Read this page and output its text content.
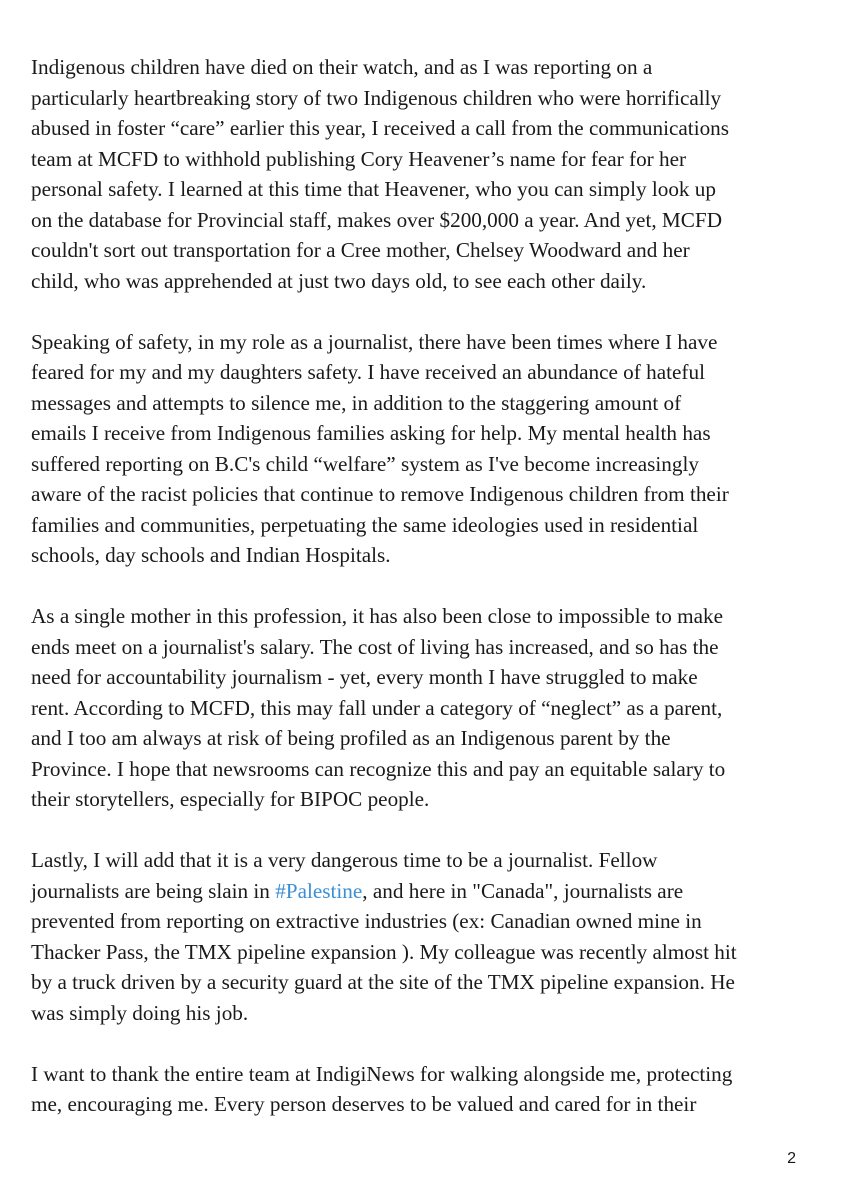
Indigenous children have died on their watch, and as I was reporting on a
particularly heartbreaking story of two Indigenous children who were horrifically
abused in foster “care” earlier this year, I received a call from the communications
team at MCFD to withhold publishing Cory Heavener’s name for fear for her
personal safety. I learned at this time that Heavener, who you can simply look up
on the database for Provincial staff, makes over $200,000 a year. And yet, MCFD
couldn't sort out transportation for a Cree mother, Chelsey Woodward and her
child, who was apprehended at just two days old, to see each other daily.

Speaking of safety, in my role as a journalist, there have been times where I have
feared for my and my daughters safety. I have received an abundance of hateful
messages and attempts to silence me, in addition to the staggering amount of
emails I receive from Indigenous families asking for help. My mental health has
suffered reporting on B.C's child “welfare” system as I've become increasingly
aware of the racist policies that continue to remove Indigenous children from their
families and communities, perpetuating the same ideologies used in residential
schools, day schools and Indian Hospitals.

As a single mother in this profession, it has also been close to impossible to make
ends meet on a journalist's salary. The cost of living has increased, and so has the
need for accountability journalism - yet, every month I have struggled to make
rent. According to MCFD, this may fall under a category of “neglect” as a parent,
and I too am always at risk of being profiled as an Indigenous parent by the
Province. I hope that newsrooms can recognize this and pay an equitable salary to
their storytellers, especially for BIPOC people.

Lastly, I will add that it is a very dangerous time to be a journalist. Fellow
journalists are being slain in #Palestine, and here in "Canada", journalists are
prevented from reporting on extractive industries (ex: Canadian owned mine in
Thacker Pass, the TMX pipeline expansion ). My colleague was recently almost hit
by a truck driven by a security guard at the site of the TMX pipeline expansion. He
was simply doing his job.

I want to thank the entire team at IndigiNews for walking alongside me, protecting
me, encouraging me. Every person deserves to be valued and cared for in their

2
